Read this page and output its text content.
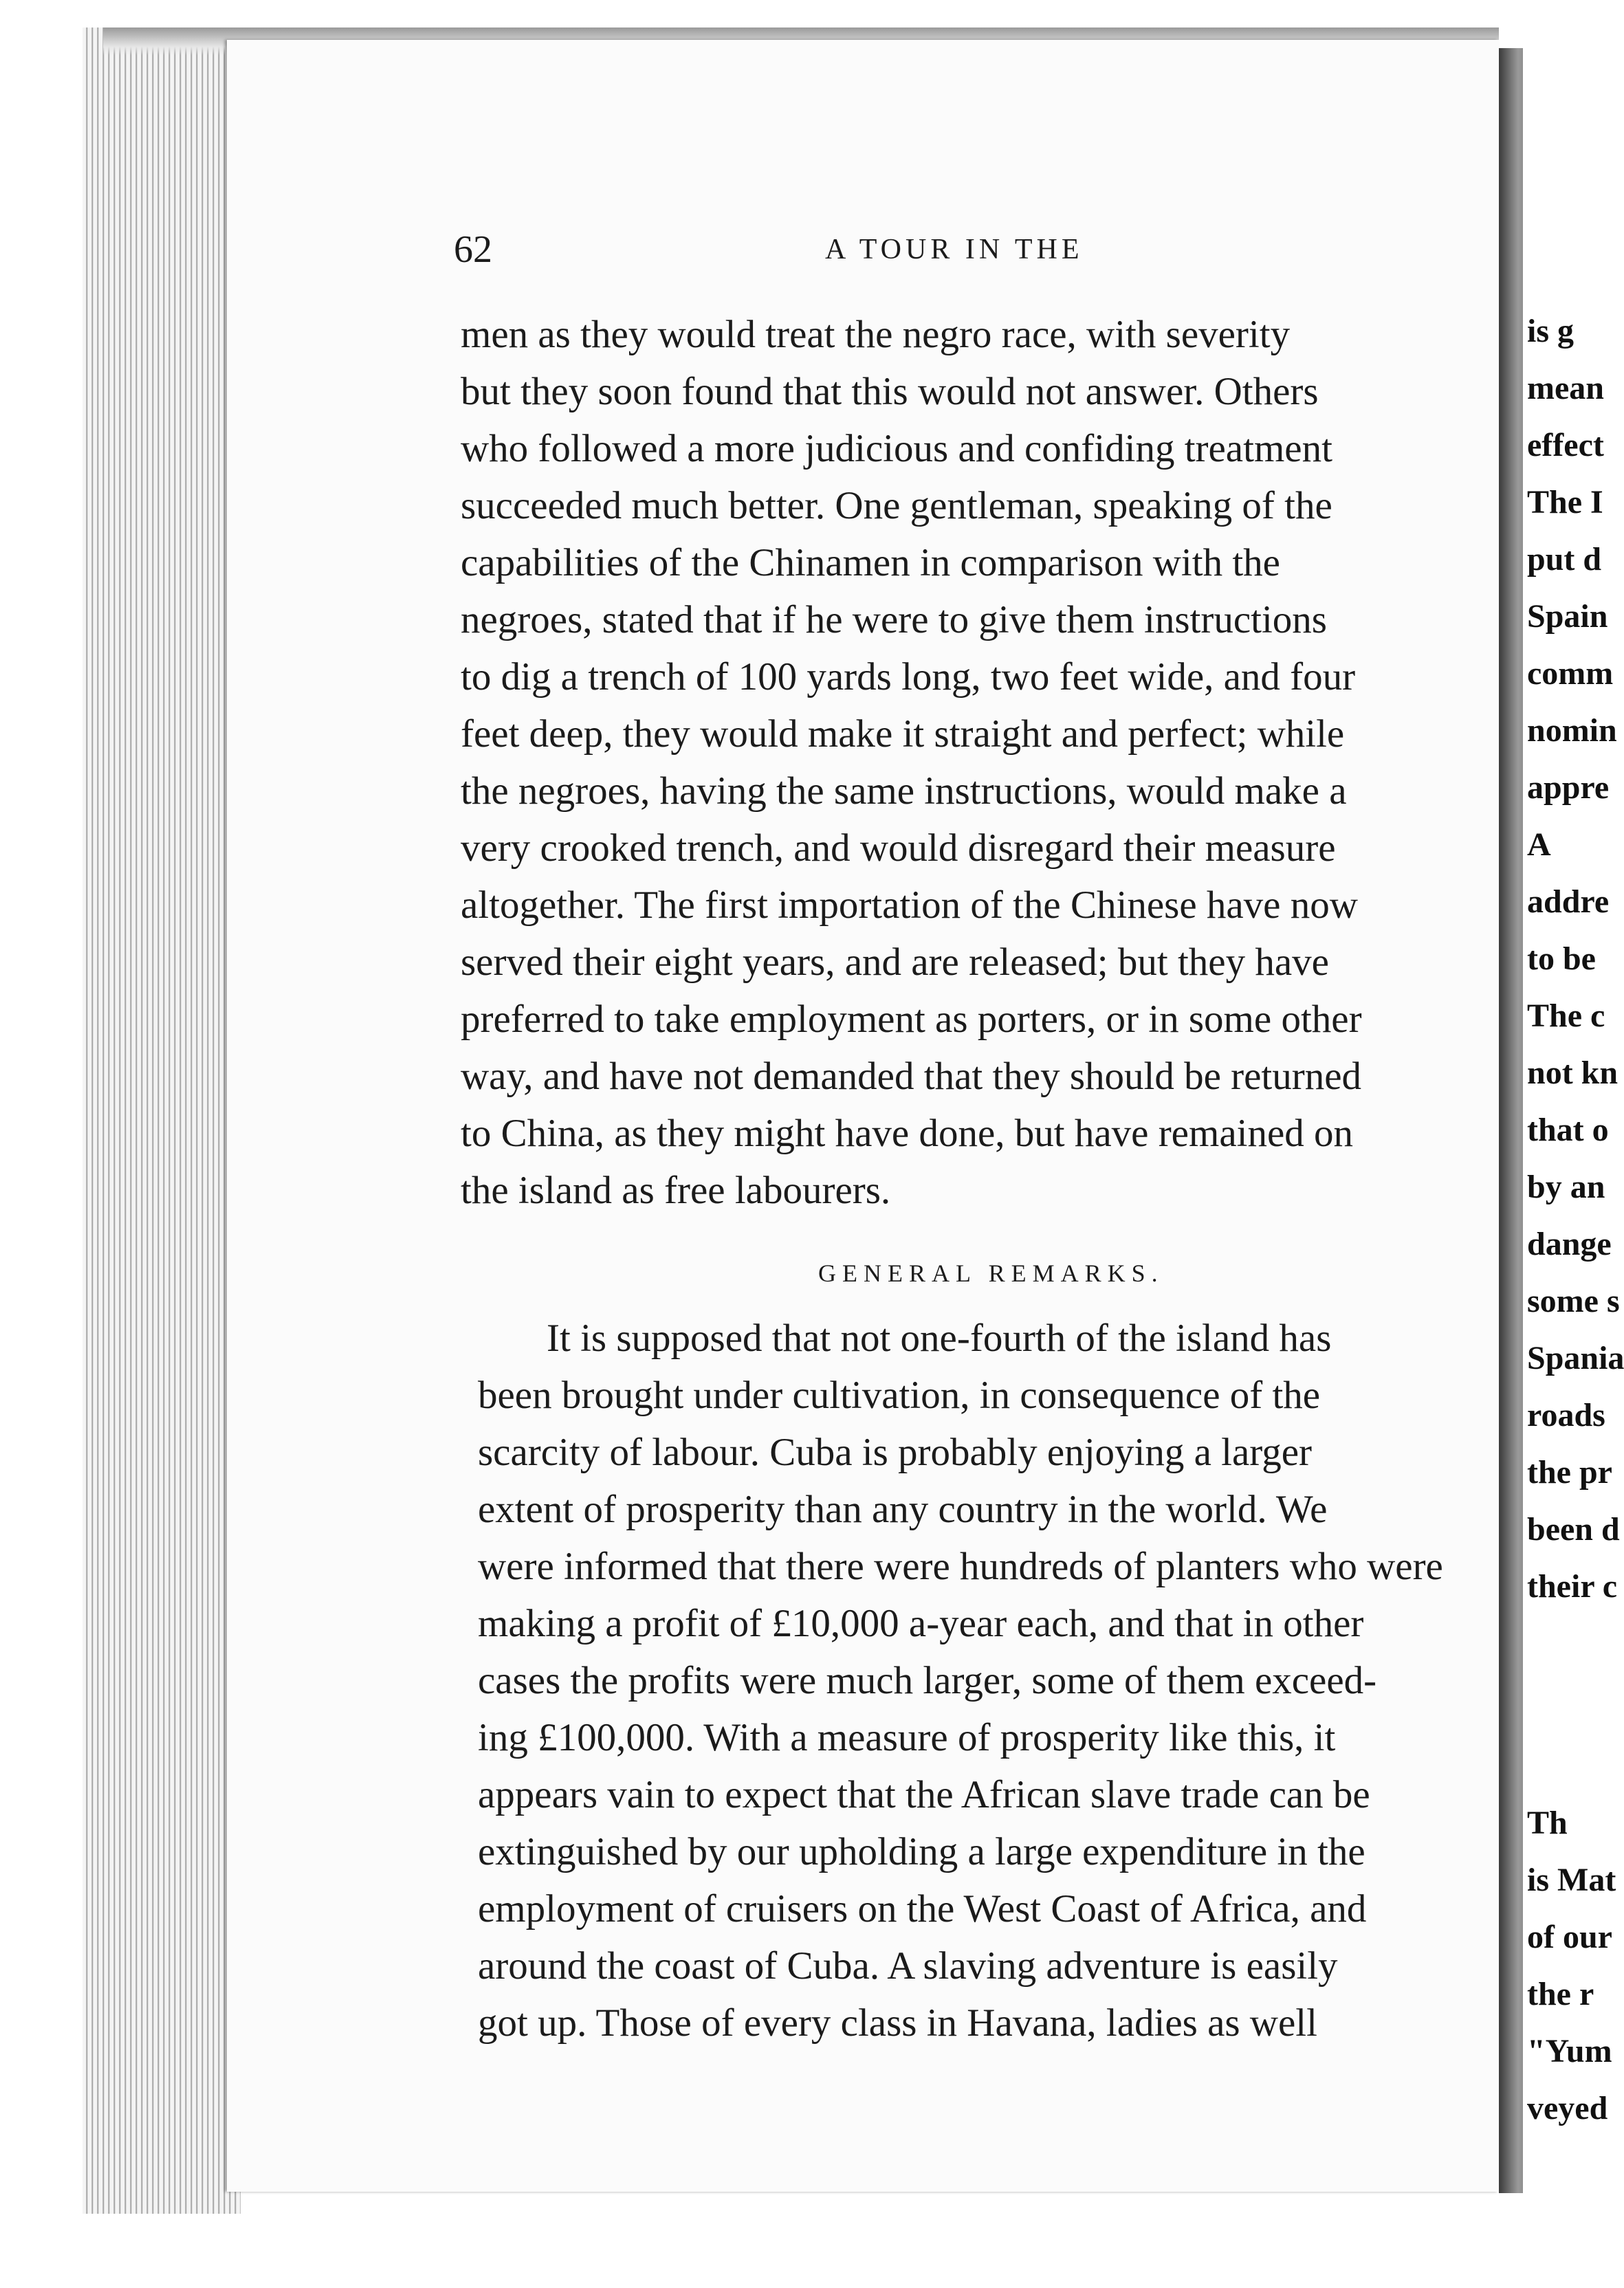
62	A TOUR IN THE
men as they would treat the negro race, with severity
but they soon found that this would not answer. Others
who followed a more judicious and confiding treatment
succeeded much better. One gentleman, speaking of the
capabilities of the Chinamen in comparison with the
negroes, stated that if he were to give them instructions
to dig a trench of 100 yards long, two feet wide, and four
feet deep, they would make it straight and perfect; while
the negroes, having the same instructions, would make a
very crooked trench, and would disregard their measure
altogether. The first importation of the Chinese have now
served their eight years, and are released; but they have
preferred to take employment as porters, or in some other
way, and have not demanded that they should be returned
to China, as they might have done, but have remained on
the island as free labourers.
GENERAL REMARKS.
It is supposed that not one-fourth of the island has
been brought under cultivation, in consequence of the
scarcity of labour. Cuba is probably enjoying a larger
extent of prosperity than any country in the world. We
were informed that there were hundreds of planters who were
making a profit of £10,000 a-year each, and that in other
cases the profits were much larger, some of them exceed-
ing £100,000. With a measure of prosperity like this, it
appears vain to expect that the African slave trade can be
extinguished by our upholding a large expenditure in the
employment of cruisers on the West Coast of Africa, and
around the coast of Cuba. A slaving adventure is easily
got up. Those of every class in Havana, ladies as well
is g
mean
effect
The I
put d
Spain
comm
nomin
appre
A
addre
to be
The c
not kn
that o
by an
dange
some s
Spania
roads
the pr
been d
their c
Th
is Mat
of our
the r
"Yum
veyed
